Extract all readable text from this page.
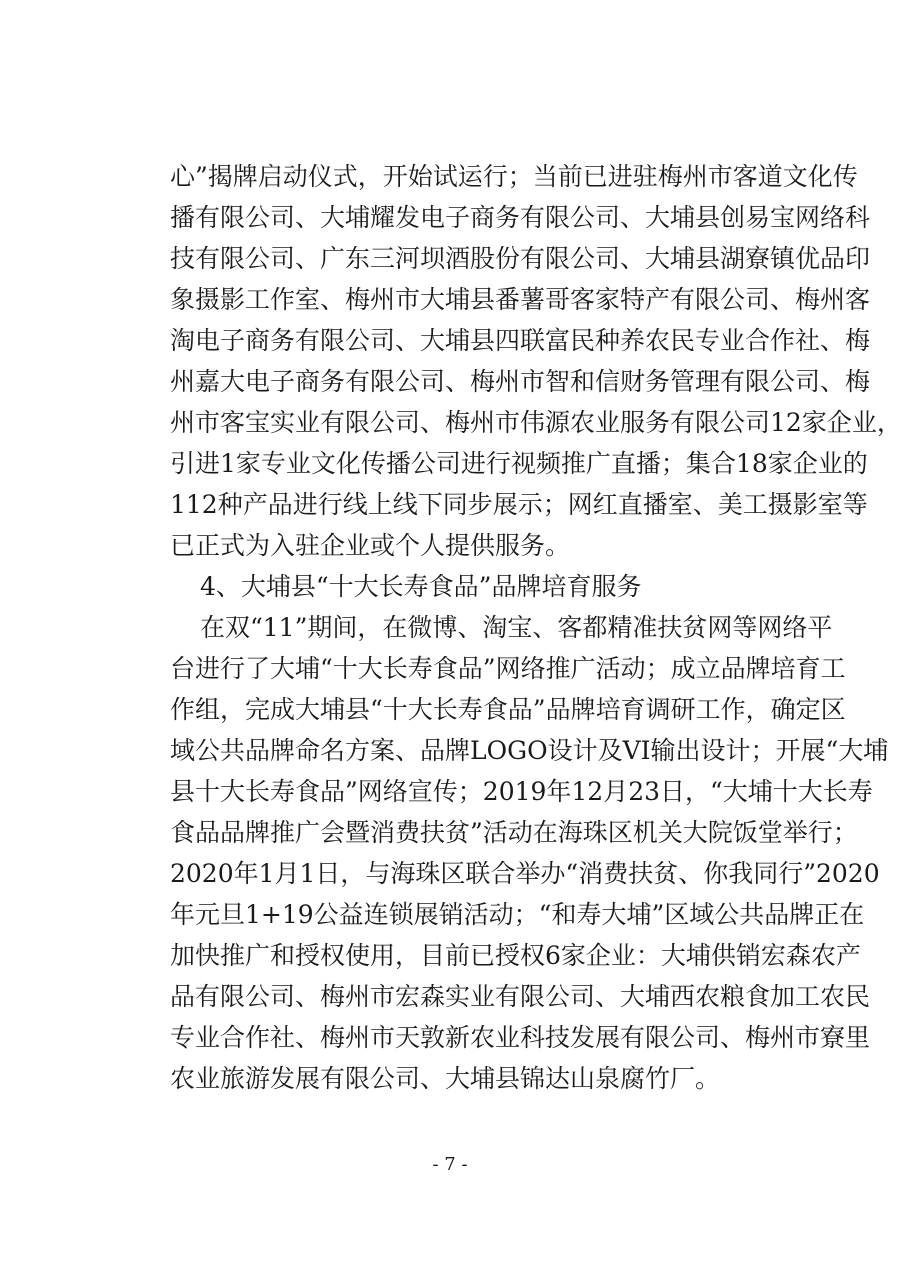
心”揭牌启动仪式，开始试运行；当前已进驻梅州市客道文化传
播有限公司、大埔耀发电子商务有限公司、大埔县创易宝网络科
技有限公司、广东三河坝酒股份有限公司、大埔县湖寮镇优品印
象摄影工作室、梅州市大埔县番薯哥客家特产有限公司、梅州客
淘电子商务有限公司、大埔县四联富民种养农民专业合作社、梅
州嘉大电子商务有限公司、梅州市智和信财务管理有限公司、梅
州市客宝实业有限公司、梅州市伟源农业服务有限公司12家企业，
引进1家专业文化传播公司进行视频推广直播；集合18家企业的
112种产品进行线上线下同步展示；网红直播室、美工摄影室等
已正式为入驻企业或个人提供服务。
4、大埔县“十大长寿食品”品牌培育服务
在双“11”期间，在微博、淘宝、客都精准扶贫网等网络平
台进行了大埔“十大长寿食品”网络推广活动；成立品牌培育工
作组，完成大埔县“十大长寿食品”品牌培育调研工作，确定区
域公共品牌命名方案、品牌LOGO设计及VI输出设计；开展“大埔
县十大长寿食品”网络宣传；2019年12月23日，“大埔十大长寿
食品品牌推广会暨消费扶贫”活动在海珠区机关大院饭堂举行；
2020年1月1日，与海珠区联合举办“消费扶贫、你我同行”2020
年元旦1+19公益连锁展销活动；“和寿大埔”区域公共品牌正在
加快推广和授权使用，目前已授权6家企业：大埔供销宏森农产
品有限公司、梅州市宏森实业有限公司、大埔西农粮食加工农民
专业合作社、梅州市天敦新农业科技发展有限公司、梅州市寮里
农业旅游发展有限公司、大埔县锦达山泉腐竹厂。
- 7 -
